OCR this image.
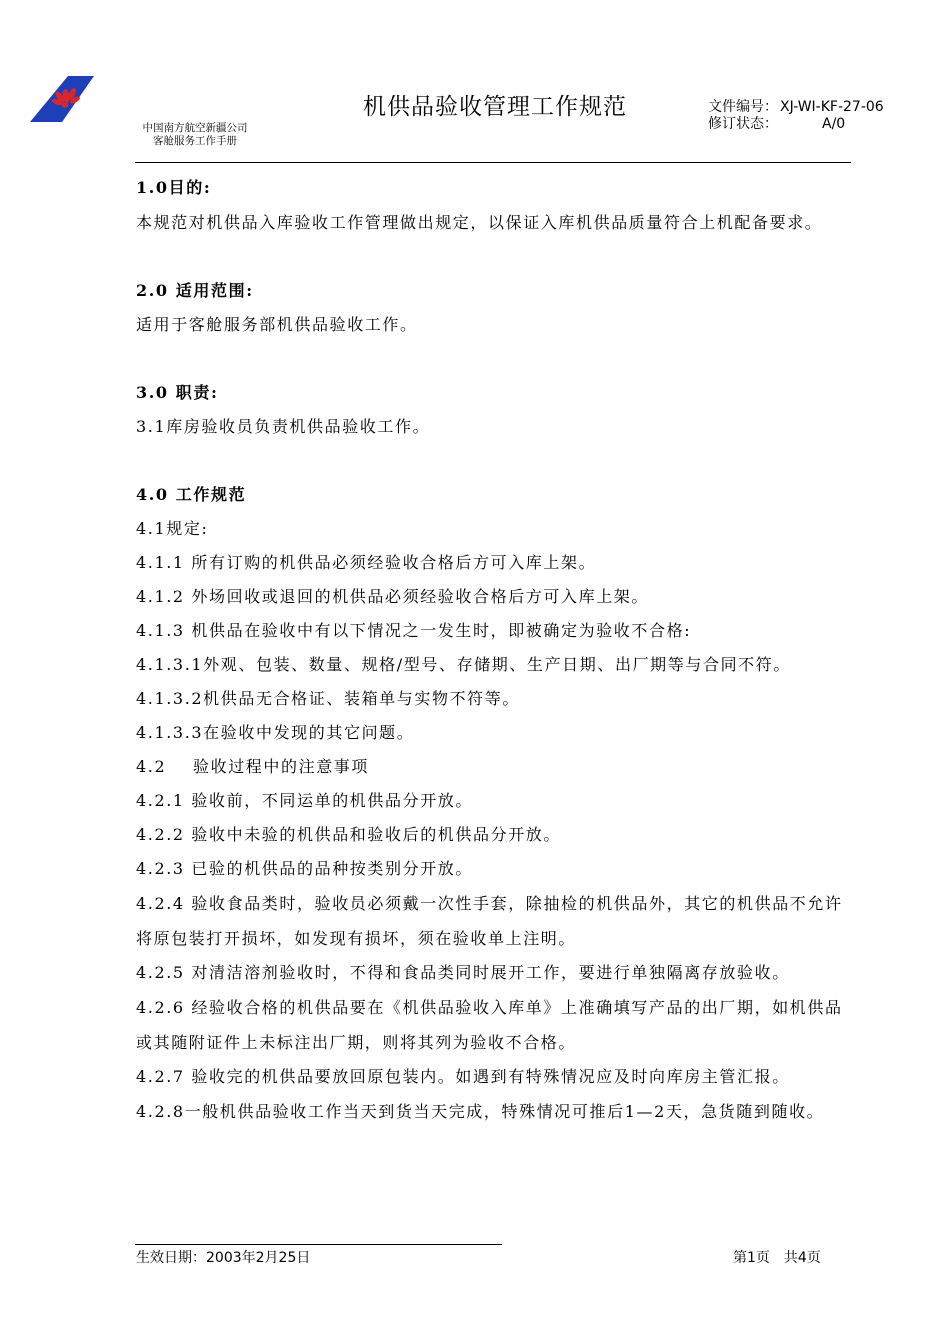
中国南方航空新疆公司
客舱服务工作手册
机供品验收管理工作规范	文件编号： XJ-WI-KF-27-06
修订状态：	A/0
1.0目的:
本规范对机供品入库验收工作管理做出规定，以保证入库机供品质量符合上机配备要求。
2.0 适用范围:
适用于客舱服务部机供品验收工作。
3.0 职责:
3.1库房验收员负责机供品验收工作。
4.0 工作规范
4.1规定:
4.1.1 所有订购的机供品必须经验收合格后方可入库上架。
4.1.2 外场回收或退回的机供品必须经验收合格后方可入库上架。
4.1.3 机供品在验收中有以下情况之一发生时，即被确定为验收不合格:
4.1.3.1外观、包装、数量、规格/型号、存储期、生产日期、出厂期等与合同不符。
4.1.3.2机供品无合格证、装箱单与实物不符等。
4.1.3.3在验收中发现的其它问题。
4.2    验收过程中的注意事项
4.2.1 验收前，不同运单的机供品分开放。
4.2.2 验收中未验的机供品和验收后的机供品分开放。
4.2.3 已验的机供品的品种按类别分开放。
4.2.4 验收食品类时，验收员必须戴一次性手套，除抽检的机供品外，其它的机供品不允许将原包装打开损坏，如发现有损坏，须在验收单上注明。
4.2.5 对清洁溶剂验收时，不得和食品类同时展开工作，要进行单独隔离存放验收。
4.2.6 经验收合格的机供品要在《机供品验收入库单》上准确填写产品的出厂期，如机供品或其随附证件上未标注出厂期，则将其列为验收不合格。
4.2.7 验收完的机供品要放回原包装内。如遇到有特殊情况应及时向库房主管汇报。
4.2.8一般机供品验收工作当天到货当天完成，特殊情况可推后1—2天，急货随到随收。
生效日期：2003年2月25日	第1页 共4页
